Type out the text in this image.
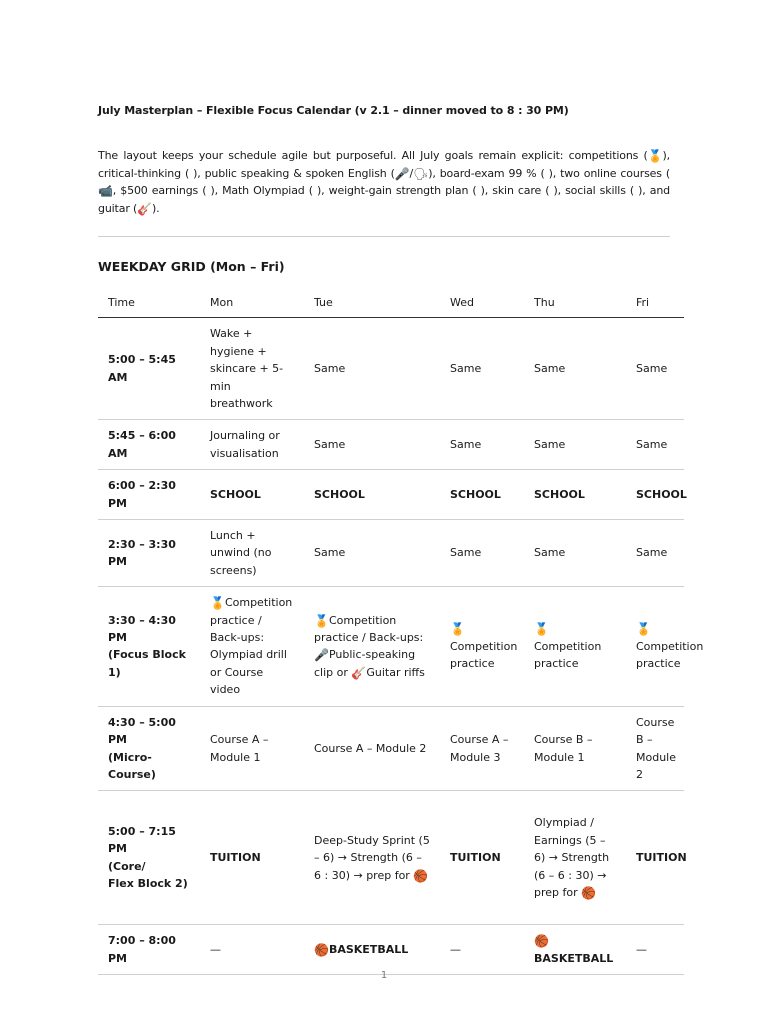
July Masterplan – Flexible Focus Calendar (v 2.1 – dinner moved to 8 : 30 PM)

The layout keeps your schedule agile but purposeful. All July goals remain explicit: competitions (🏅), critical-thinking ( ), public speaking & spoken English (🎤/🗣), board-exam 99 % ( ), two online courses (📹, $500 earnings ( ), Math Olympiad ( ), weight-gain strength plan ( ), skin care ( ), social skills ( ), and guitar (🎸).

WEEKDAY GRID (Mon – Fri)

Time	Mon	Tue	Wed	Thu	Fri
5:00 – 5:45 AM	Wake + hygiene + skincare + 5-min breathwork	Same	Same	Same	Same
5:45 – 6:00 AM	Journaling or visualisation	Same	Same	Same	Same
6:00 – 2:30 PM	SCHOOL	SCHOOL	SCHOOL	SCHOOL	SCHOOL
2:30 – 3:30 PM	Lunch + unwind (no screens)	Same	Same	Same	Same
3:30 – 4:30 PM
(Focus Block 1)	🏅Competition practice / Back-ups: Olympiad drill or Course video	🏅Competition practice / Back-ups: 🎤Public-speaking clip or 🎸Guitar riffs	🏅
Competition practice	🏅Competition practice	🏅
Competition practice
4:30 – 5:00 PM
(Micro-Course)	Course A – Module 1	Course A – Module 2	Course A – Module 3	Course B – Module 1	Course B – Module 2
5:00 – 7:15 PM
(Core/
Flex Block 2)	TUITION	Deep-Study Sprint (5 – 6) → Strength (6 – 6 : 30) → prep for 🏀	TUITION	Olympiad / Earnings (5 – 6) → Strength (6 – 6 : 30) → prep for 🏀	TUITION
7:00 – 8:00 PM	—	🏀BASKETBALL	—	🏀
BASKETBALL	—
1
